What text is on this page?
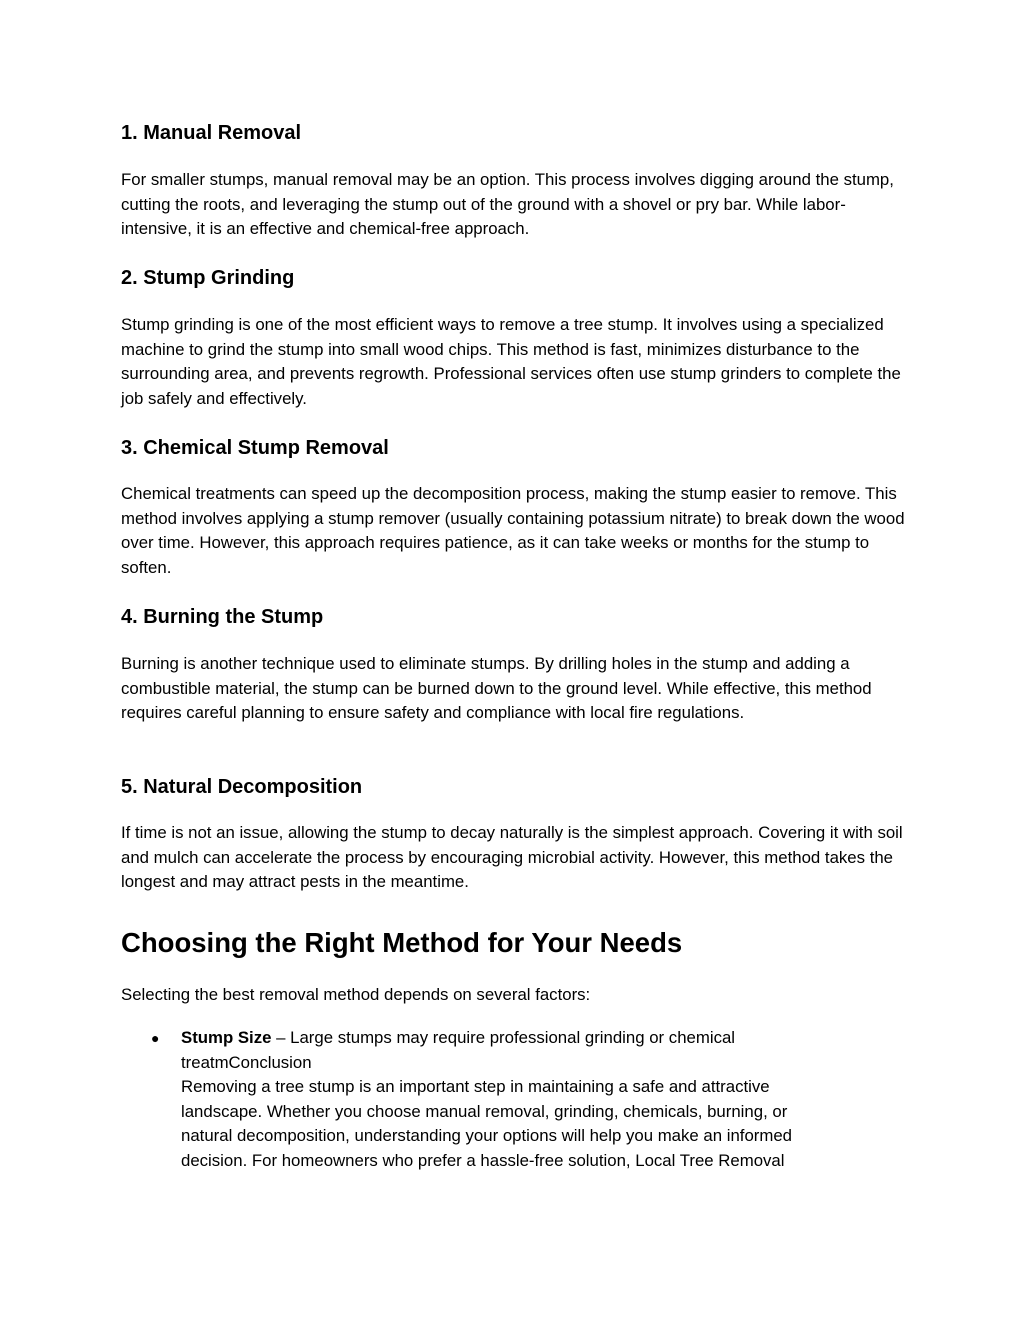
1. Manual Removal

For smaller stumps, manual removal may be an option. This process involves digging around the stump, cutting the roots, and leveraging the stump out of the ground with a shovel or pry bar. While labor-intensive, it is an effective and chemical-free approach.

2. Stump Grinding

Stump grinding is one of the most efficient ways to remove a tree stump. It involves using a specialized machine to grind the stump into small wood chips. This method is fast, minimizes disturbance to the surrounding area, and prevents regrowth. Professional services often use stump grinders to complete the job safely and effectively.

3. Chemical Stump Removal

Chemical treatments can speed up the decomposition process, making the stump easier to remove. This method involves applying a stump remover (usually containing potassium nitrate) to break down the wood over time. However, this approach requires patience, as it can take weeks or months for the stump to soften.

4. Burning the Stump

Burning is another technique used to eliminate stumps. By drilling holes in the stump and adding a combustible material, the stump can be burned down to the ground level. While effective, this method requires careful planning to ensure safety and compliance with local fire regulations.

5. Natural Decomposition

If time is not an issue, allowing the stump to decay naturally is the simplest approach. Covering it with soil and mulch can accelerate the process by encouraging microbial activity. However, this method takes the longest and may attract pests in the meantime.

Choosing the Right Method for Your Needs

Selecting the best removal method depends on several factors:

● Stump Size – Large stumps may require professional grinding or chemical
treatmConclusion
Removing a tree stump is an important step in maintaining a safe and attractive
landscape. Whether you choose manual removal, grinding, chemicals, burning, or
natural decomposition, understanding your options will help you make an informed
decision. For homeowners who prefer a hassle-free solution, Local Tree Removal
